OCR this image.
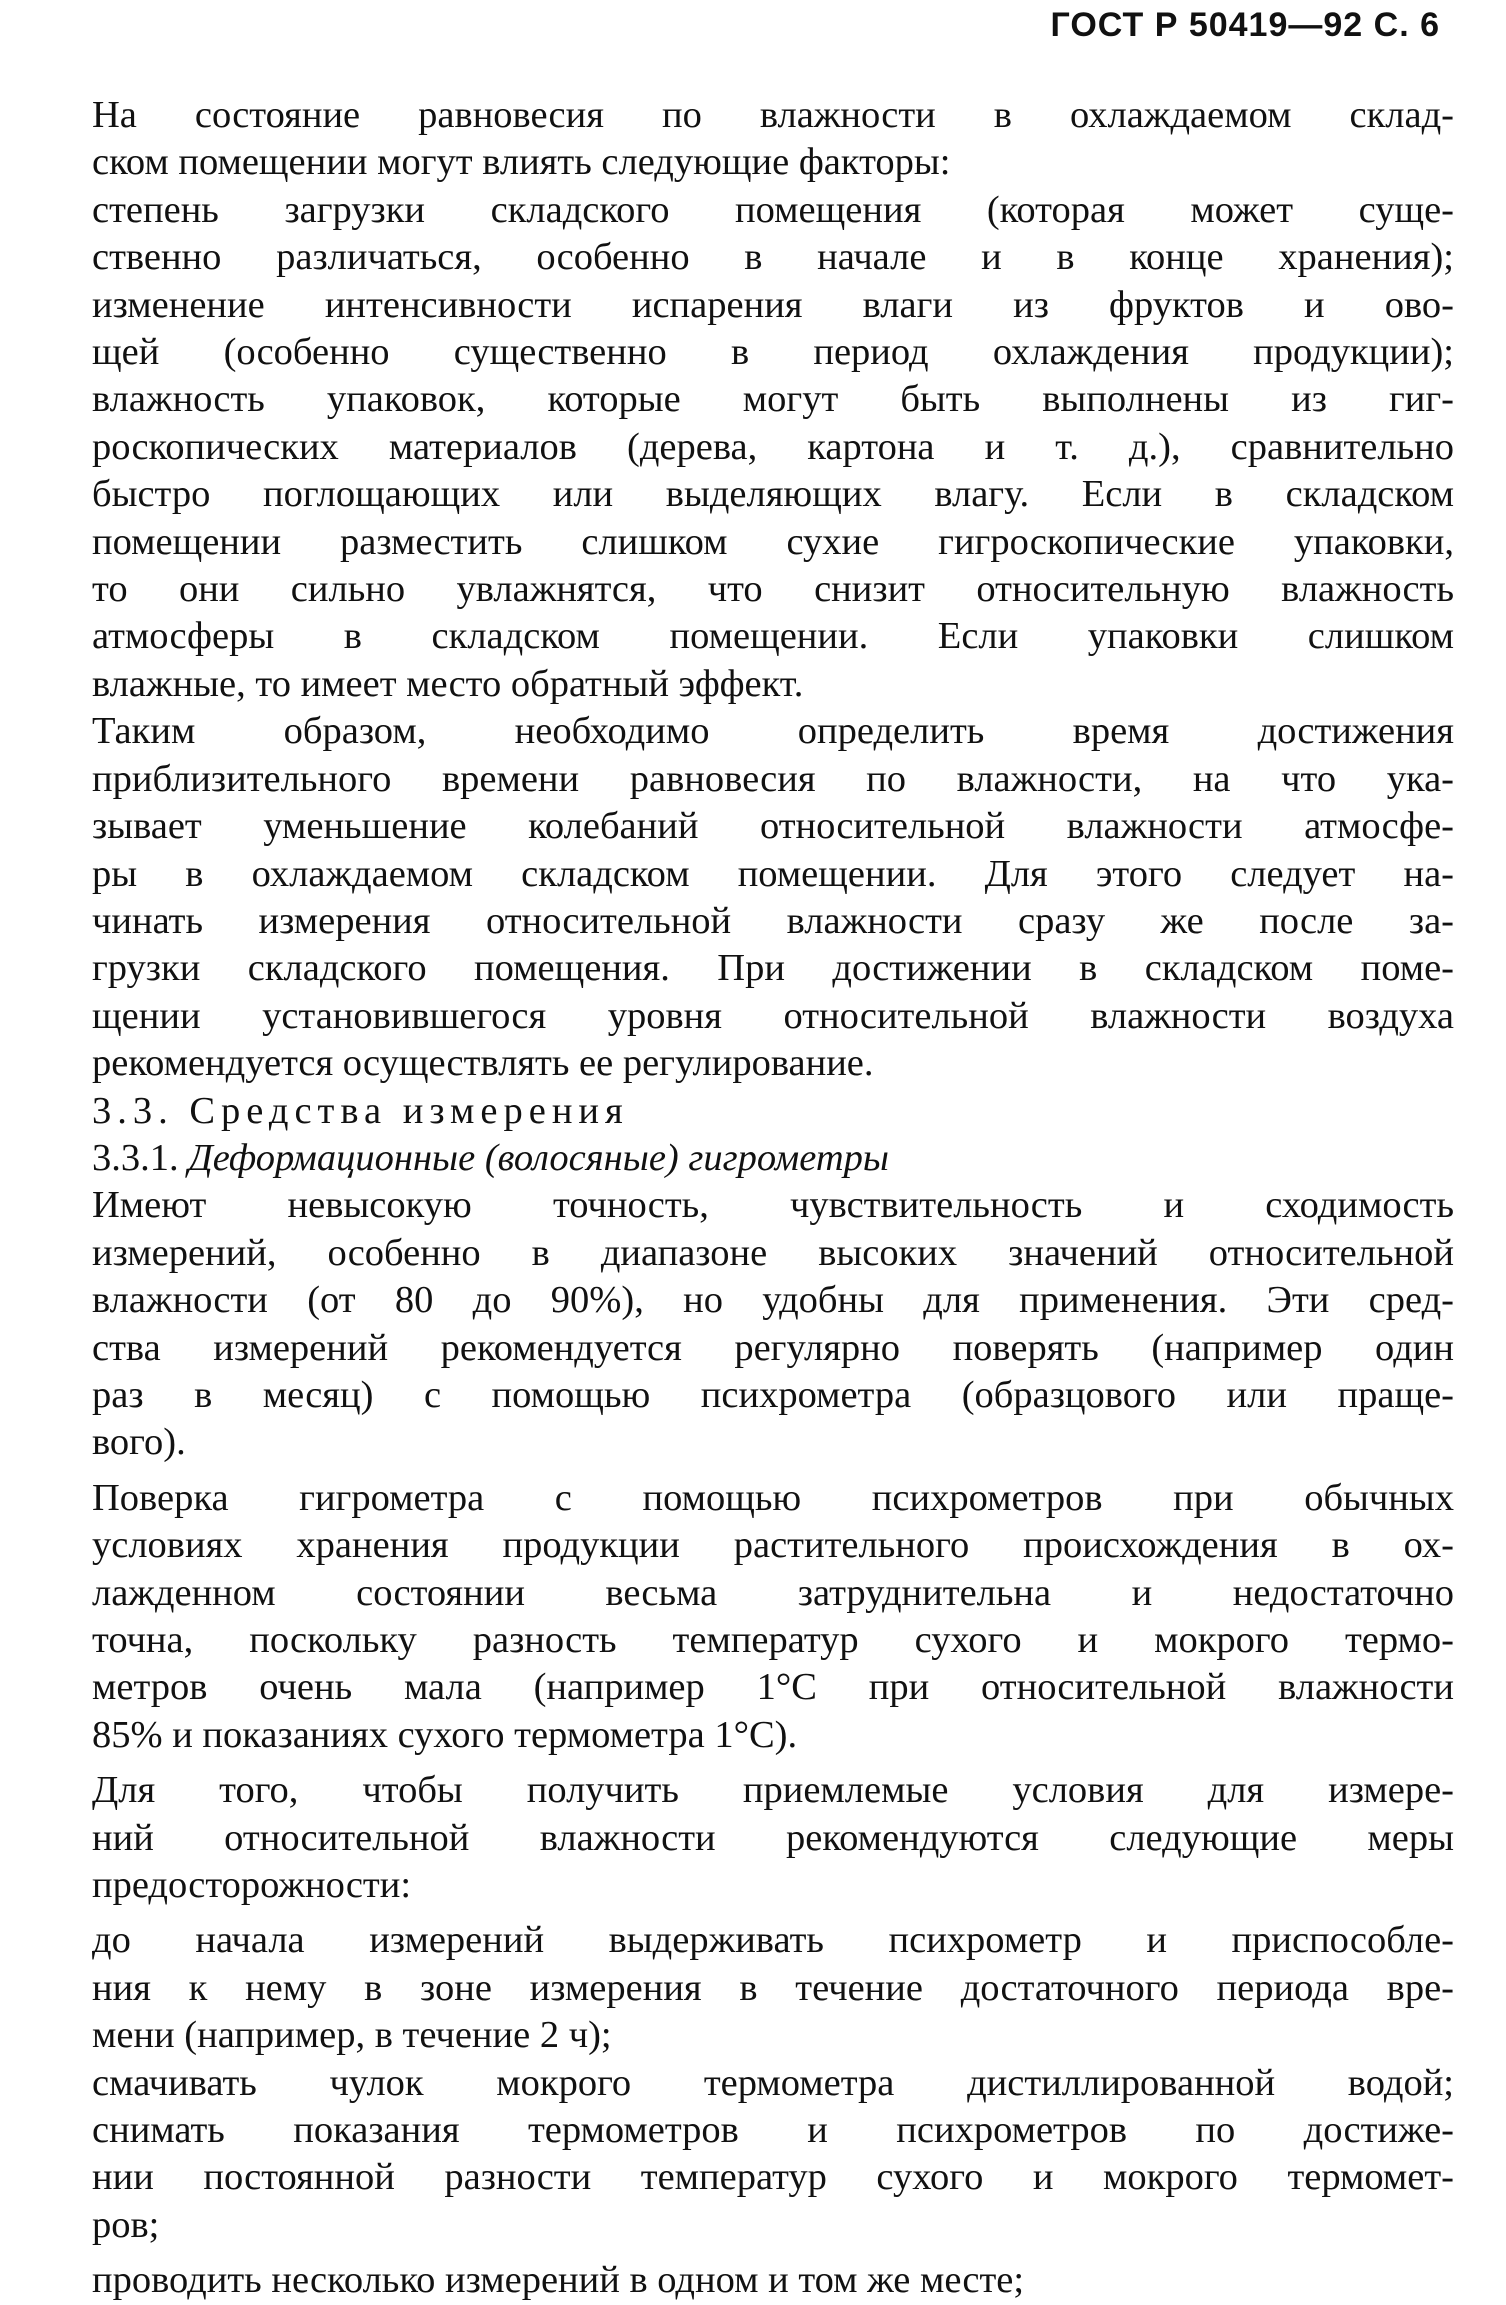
ГОСТ Р 50419—92 С. 6

На состояние равновесия по влажности в охлаждаемом склад-

ском помещении могут влиять следующие факторы:

степень загрузки складского помещения (которая может суще-

ственно различаться, особенно в начале и в конце хранения);

изменение интенсивности испарения влаги из фруктов и ово-

щей (особенно существенно в период охлаждения продукции);

влажность упаковок, которые могут быть выполнены из гиг-

роскопических материалов (дерева, картона и т. д.), сравнительно

быстро поглощающих или выделяющих влагу. Если в складском

помещении разместить слишком сухие гигроскопические упаковки,

то они сильно увлажнятся, что снизит относительную влажность

атмосферы в складском помещении. Если упаковки слишком

влажные, то имеет место обратный эффект.

Таким образом, необходимо определить время достижения

приблизительного времени равновесия по влажности, на что ука-

зывает уменьшение колебаний относительной влажности атмосфе-

ры в охлаждаемом складском помещении. Для этого следует на-

чинать измерения относительной влажности сразу же после за-

грузки складского помещения. При достижении в складском поме-

щении установившегося уровня относительной влажности воздуха

рекомендуется осуществлять ее регулирование.

3.3. Средства измерения

3.3.1. Деформационные (волосяные) гигрометры

Имеют невысокую точность, чувствительность и сходимость

измерений, особенно в диапазоне высоких значений относительной

влажности (от 80 до 90%), но удобны для применения. Эти сред-

ства измерений рекомендуется регулярно поверять (например один

раз в месяц) с помощью психрометра (образцового или праще-

вого).

Поверка гигрометра с помощью психрометров при обычных

условиях хранения продукции растительного происхождения в ох-

лажденном состоянии весьма затруднительна и недостаточно

точна, поскольку разность температур сухого и мокрого термо-

метров очень мала (например 1°С при относительной влажности

85% и показаниях сухого термометра 1°С).

Для того, чтобы получить приемлемые условия для измере-

ний относительной влажности рекомендуются следующие меры

предосторожности:

до начала измерений выдерживать психрометр и приспособле-

ния к нему в зоне измерения в течение достаточного периода вре-

мени (например, в течение 2 ч);

смачивать чулок мокрого термометра дистиллированной водой;

снимать показания термометров и психрометров по достиже-

нии постоянной разности температур сухого и мокрого термомет-

ров;

проводить несколько измерений в одном и том же месте;
